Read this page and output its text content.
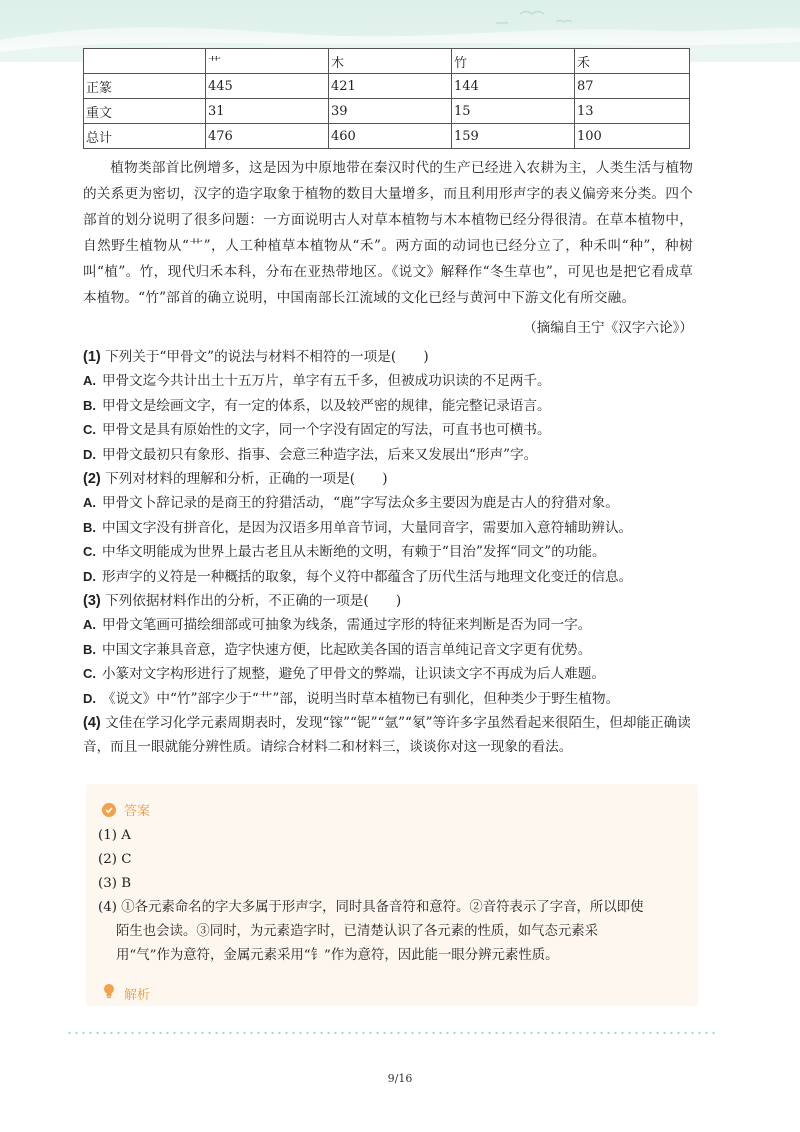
	艹	木	竹	禾
正篆	445	421	144	87
重文	31	39	15	13
总计	476	460	159	100

植物类部首比例增多，这是因为中原地带在秦汉时代的生产已经进入农耕为主，人类生活与植物的关系更为密切，汉字的造字取象于植物的数目大量增多，而且利用形声字的表义偏旁来分类。四个部首的划分说明了很多问题：一方面说明古人对草本植物与木本植物已经分得很清。在草本植物中，自然野生植物从“艹”，人工种植草本植物从“禾”。两方面的动词也已经分立了，种禾叫“种”，种树叫“植”。竹，现代归禾本科，分布在亚热带地区。《说文》解释作“冬生草也”，可见也是把它看成草本植物。“竹”部首的确立说明，中国南部长江流域的文化已经与黄河中下游文化有所交融。

（摘编自王宁《汉字六论》）
(1) 下列关于“甲骨文”的说法与材料不相符的一项是(　　)
A. 甲骨文迄今共计出土十五万片，单字有五千多，但被成功识读的不足两千。
B. 甲骨文是绘画文字，有一定的体系，以及较严密的规律，能完整记录语言。
C. 甲骨文是具有原始性的文字，同一个字没有固定的写法，可直书也可横书。
D. 甲骨文最初只有象形、指事、会意三种造字法，后来又发展出“形声”字。
(2) 下列对材料的理解和分析，正确的一项是(　　)
A. 甲骨文卜辞记录的是商王的狩猎活动，“鹿”字写法众多主要因为鹿是古人的狩猎对象。
B. 中国文字没有拼音化，是因为汉语多用单音节词，大量同音字，需要加入意符辅助辨认。
C. 中华文明能成为世界上最古老且从未断绝的文明，有赖于“目治”发挥“同文”的功能。
D. 形声字的义符是一种概括的取象，每个义符中都蕴含了历代生活与地理文化变迁的信息。
(3) 下列依据材料作出的分析，不正确的一项是(　　)
A. 甲骨文笔画可描绘细部或可抽象为线条，需通过字形的特征来判断是否为同一字。
B. 中国文字兼具音意，造字快速方便，比起欧美各国的语言单纯记音文字更有优势。
C. 小篆对文字构形进行了规整，避免了甲骨文的弊端，让识读文字不再成为后人难题。
D. 《说文》中“竹”部字少于“艹”部，说明当时草本植物已有驯化，但种类少于野生植物。
(4) 文佳在学习化学元素周期表时，发现“镓”“铌”“氩”“氡”等许多字虽然看起来很陌生，但却能正确读音，而且一眼就能分辨性质。请综合材料二和材料三，谈谈你对这一现象的看法。
答案
(1) A
(2) C
(3) B
(4) ①各元素命名的字大多属于形声字，同时具备音符和意符。②音符表示了字音，所以即使
陌生也会读。③同时，为元素造字时，已清楚认识了各元素的性质，如气态元素采
用“气”作为意符，金属元素采用“钅”作为意符，因此能一眼分辨元素性质。
解析
9/16
